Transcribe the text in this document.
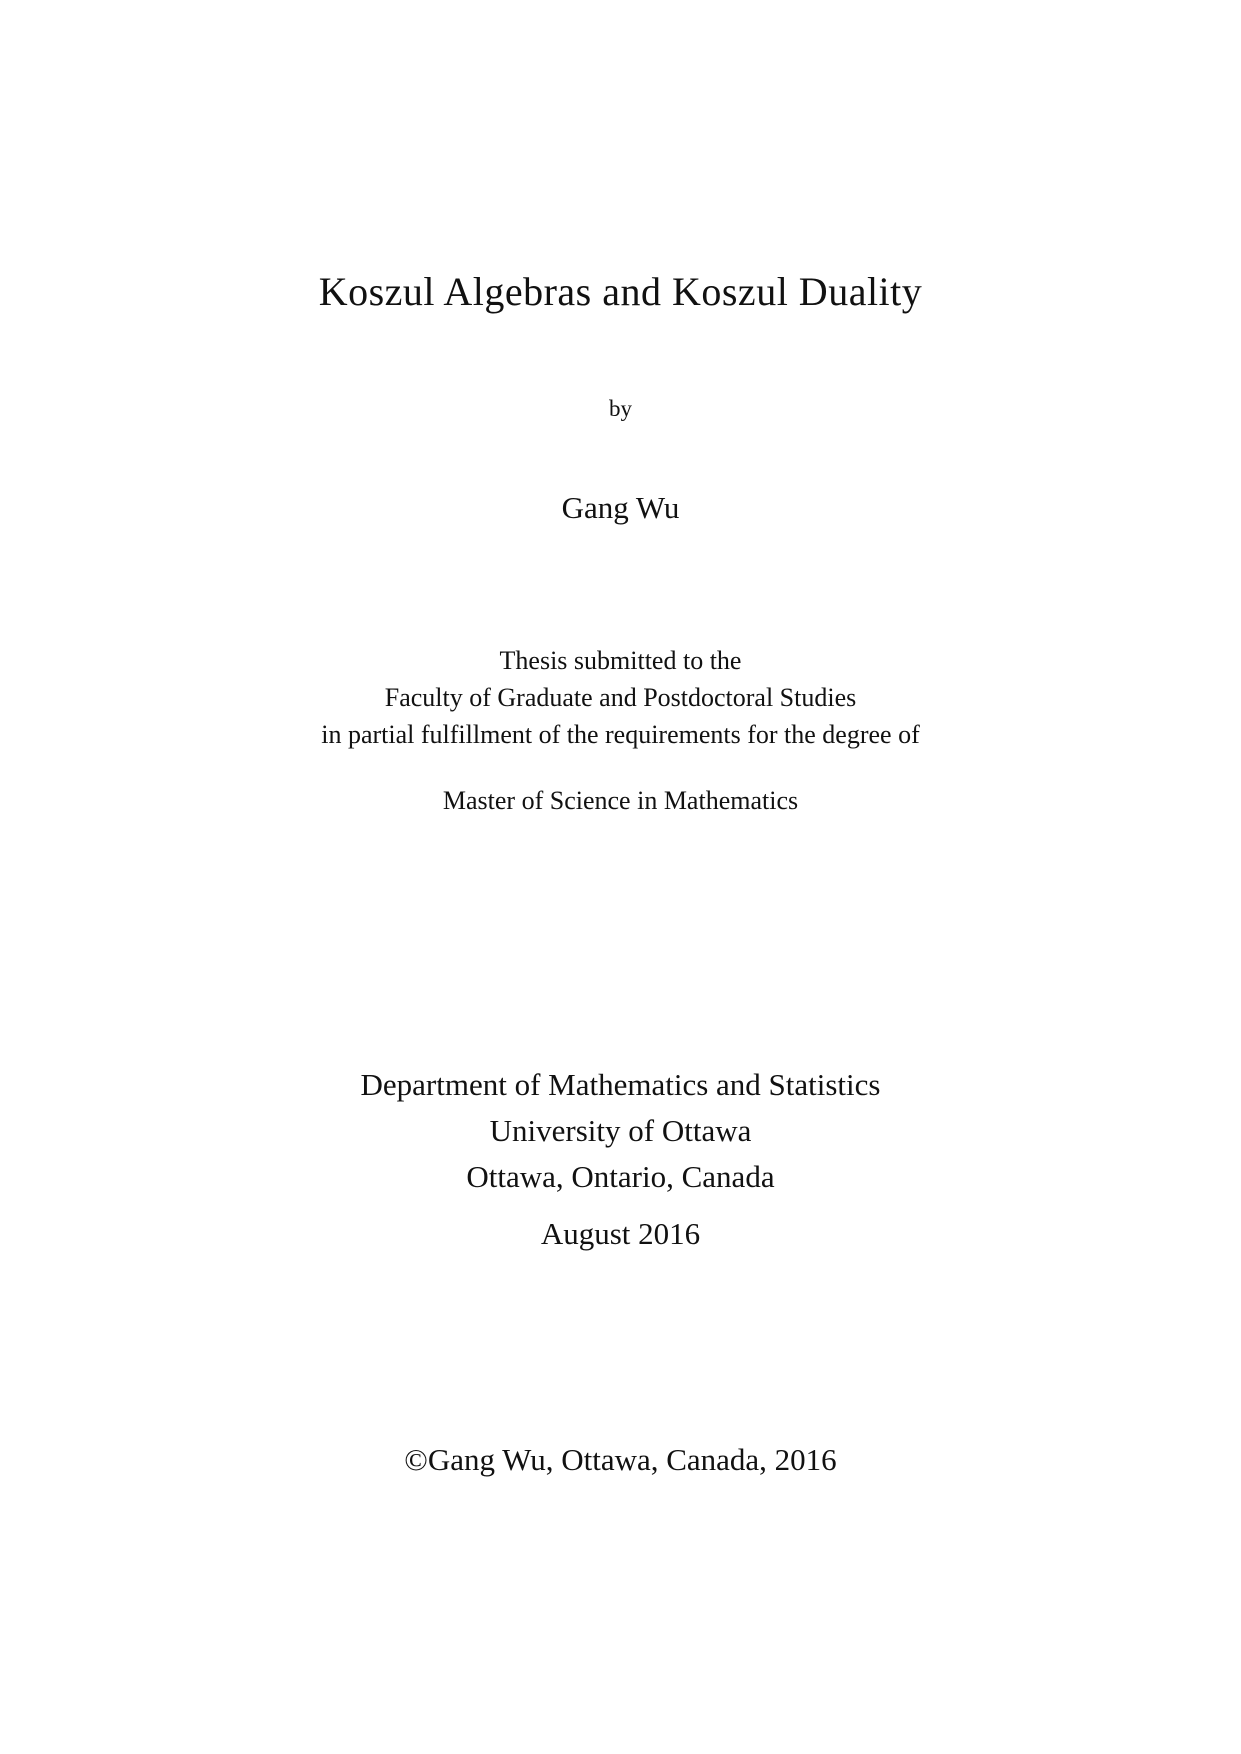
Koszul Algebras and Koszul Duality
by
Gang Wu
Thesis submitted to the
Faculty of Graduate and Postdoctoral Studies
in partial fulfillment of the requirements for the degree of
Master of Science in Mathematics
Department of Mathematics and Statistics
University of Ottawa
Ottawa, Ontario, Canada
August 2016
©Gang Wu, Ottawa, Canada, 2016
